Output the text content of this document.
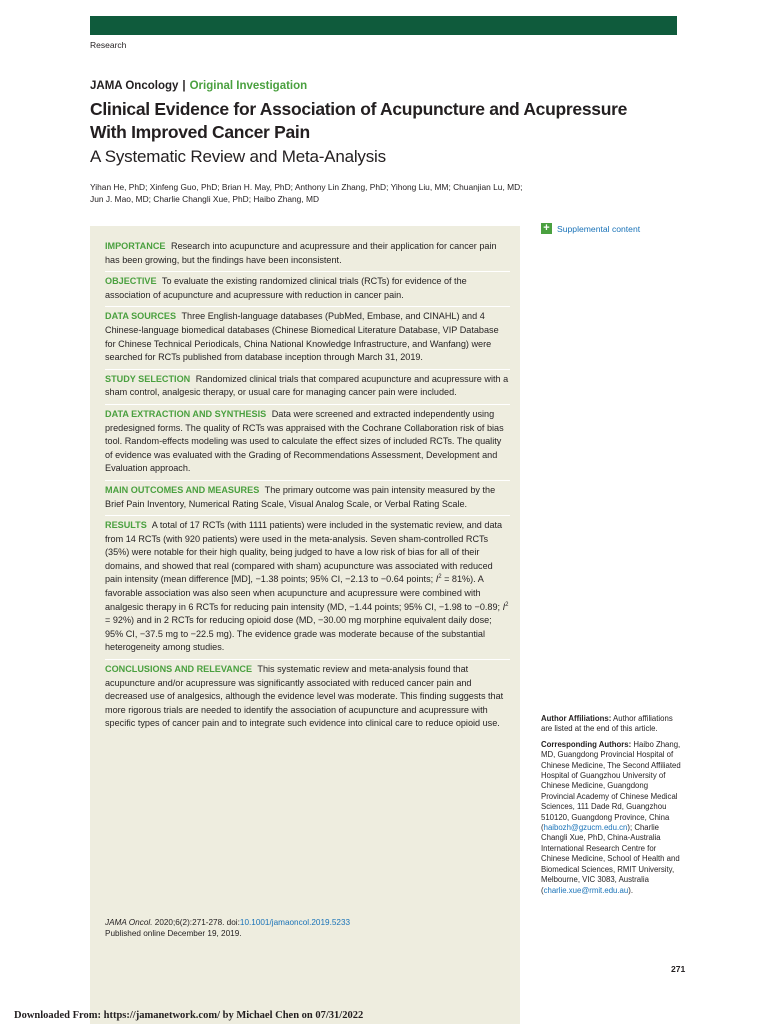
Research
JAMA Oncology | Original Investigation
Clinical Evidence for Association of Acupuncture and Acupressure
With Improved Cancer Pain
A Systematic Review and Meta-Analysis
Yihan He, PhD; Xinfeng Guo, PhD; Brian H. May, PhD; Anthony Lin Zhang, PhD; Yihong Liu, MM; Chuanjian Lu, MD;
Jun J. Mao, MD; Charlie Changli Xue, PhD; Haibo Zhang, MD
IMPORTANCE Research into acupuncture and acupressure and their application for cancer pain has been growing, but the findings have been inconsistent.
OBJECTIVE To evaluate the existing randomized clinical trials (RCTs) for evidence of the association of acupuncture and acupressure with reduction in cancer pain.
DATA SOURCES Three English-language databases (PubMed, Embase, and CINAHL) and 4 Chinese-language biomedical databases (Chinese Biomedical Literature Database, VIP Database for Chinese Technical Periodicals, China National Knowledge Infrastructure, and Wanfang) were searched for RCTs published from database inception through March 31, 2019.
STUDY SELECTION Randomized clinical trials that compared acupuncture and acupressure with a sham control, analgesic therapy, or usual care for managing cancer pain were included.
DATA EXTRACTION AND SYNTHESIS Data were screened and extracted independently using predesigned forms. The quality of RCTs was appraised with the Cochrane Collaboration risk of bias tool. Random-effects modeling was used to calculate the effect sizes of included RCTs. The quality of evidence was evaluated with the Grading of Recommendations Assessment, Development and Evaluation approach.
MAIN OUTCOMES AND MEASURES The primary outcome was pain intensity measured by the Brief Pain Inventory, Numerical Rating Scale, Visual Analog Scale, or Verbal Rating Scale.
RESULTS A total of 17 RCTs (with 1111 patients) were included in the systematic review, and data from 14 RCTs (with 920 patients) were used in the meta-analysis. Seven sham-controlled RCTs (35%) were notable for their high quality, being judged to have a low risk of bias for all of their domains, and showed that real (compared with sham) acupuncture was associated with reduced pain intensity (mean difference [MD], −1.38 points; 95% CI, −2.13 to −0.64 points; $I^2 = 81\%$). A favorable association was also seen when acupuncture and acupressure were combined with analgesic therapy in 6 RCTs for reducing pain intensity (MD, −1.44 points; 95% CI, −1.98 to −0.89; $I^2 = 92\%$) and in 2 RCTs for reducing opioid dose (MD, −30.00 mg morphine equivalent daily dose; 95% CI, −37.5 mg to −22.5 mg). The evidence grade was moderate because of the substantial heterogeneity among studies.
CONCLUSIONS AND RELEVANCE This systematic review and meta-analysis found that acupuncture and/or acupressure was significantly associated with reduced cancer pain and decreased use of analgesics, although the evidence level was moderate. This finding suggests that more rigorous trials are needed to identify the association of acupuncture and acupressure with specific types of cancer pain and to integrate such evidence into clinical care to reduce opioid use.
JAMA Oncol. 2020;6(2):271-278. doi:10.1001/jamaoncol.2019.5233
Published online December 19, 2019.
+ Supplemental content

Author Affiliations: Author affiliations are listed at the end of this article.

Corresponding Authors: Haibo Zhang, MD, Guangdong Provincial Hospital of Chinese Medicine, The Second Affiliated Hospital of Guangzhou University of Chinese Medicine, Guangdong Provincial Academy of Chinese Medical Sciences, 111 Dade Rd, Guangzhou 510120, Guangdong Province, China (haibozh@gzucm.edu.cn); Charlie Changli Xue, PhD, China-Australia International Research Centre for Chinese Medicine, School of Health and Biomedical Sciences, RMIT University, Melbourne, VIC 3083, Australia (charlie.xue@rmit.edu.au).

271
Downloaded From: https://jamanetwork.com/ by Michael Chen on 07/31/2022
